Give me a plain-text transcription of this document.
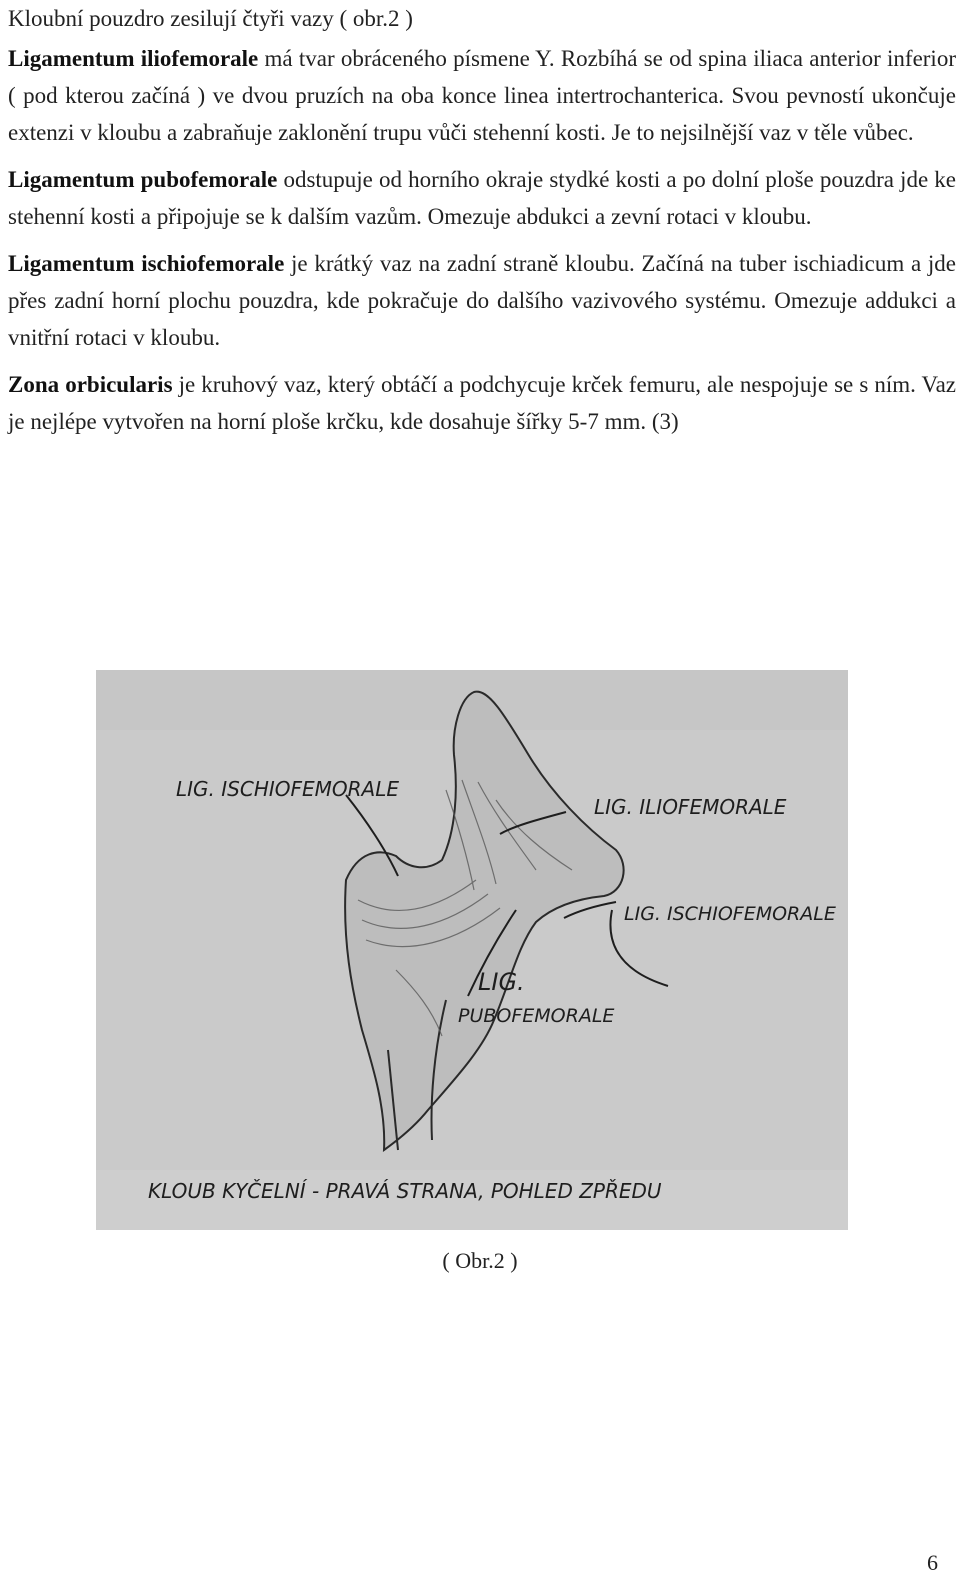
Kloubní pouzdro zesilují čtyři vazy ( obr.2 )

Ligamentum iliofemorale má tvar obráceného písmene Y. Rozbíhá se od spina iliaca anterior inferior ( pod kterou začíná ) ve dvou pruzích na oba konce linea intertrochanterica. Svou pevností ukončuje extenzi v kloubu a zabraňuje zaklonění trupu vůči stehenní kosti. Je to nejsilnější vaz v těle vůbec.

Ligamentum pubofemorale odstupuje od horního okraje stydké kosti a po dolní ploše pouzdra jde ke stehenní kosti a připojuje se k dalším vazům. Omezuje abdukci a zevní rotaci v kloubu.

Ligamentum ischiofemorale je krátký vaz na zadní straně kloubu. Začíná na tuber ischiadicum a jde přes zadní horní plochu pouzdra, kde pokračuje do dalšího vazivového systému. Omezuje addukci a vnitřní rotaci v kloubu.

Zona orbicularis je kruhový vaz, který obtáčí a podchycuje krček femuru, ale nespojuje se s ním. Vaz je nejlépe vytvořen na horní ploše krčku, kde dosahuje šířky 5-7 mm. (3)

LIG. ISCHIOFEMORALE
LIG. ILIOFEMORALE
LIG. ISCHIOFEMORALE
LIG.
PUBOFEMORALE
KLOUB KYČELNÍ - PRAVÁ STRANA, POHLED ZPŘEDU
( Obr.2 )
6
